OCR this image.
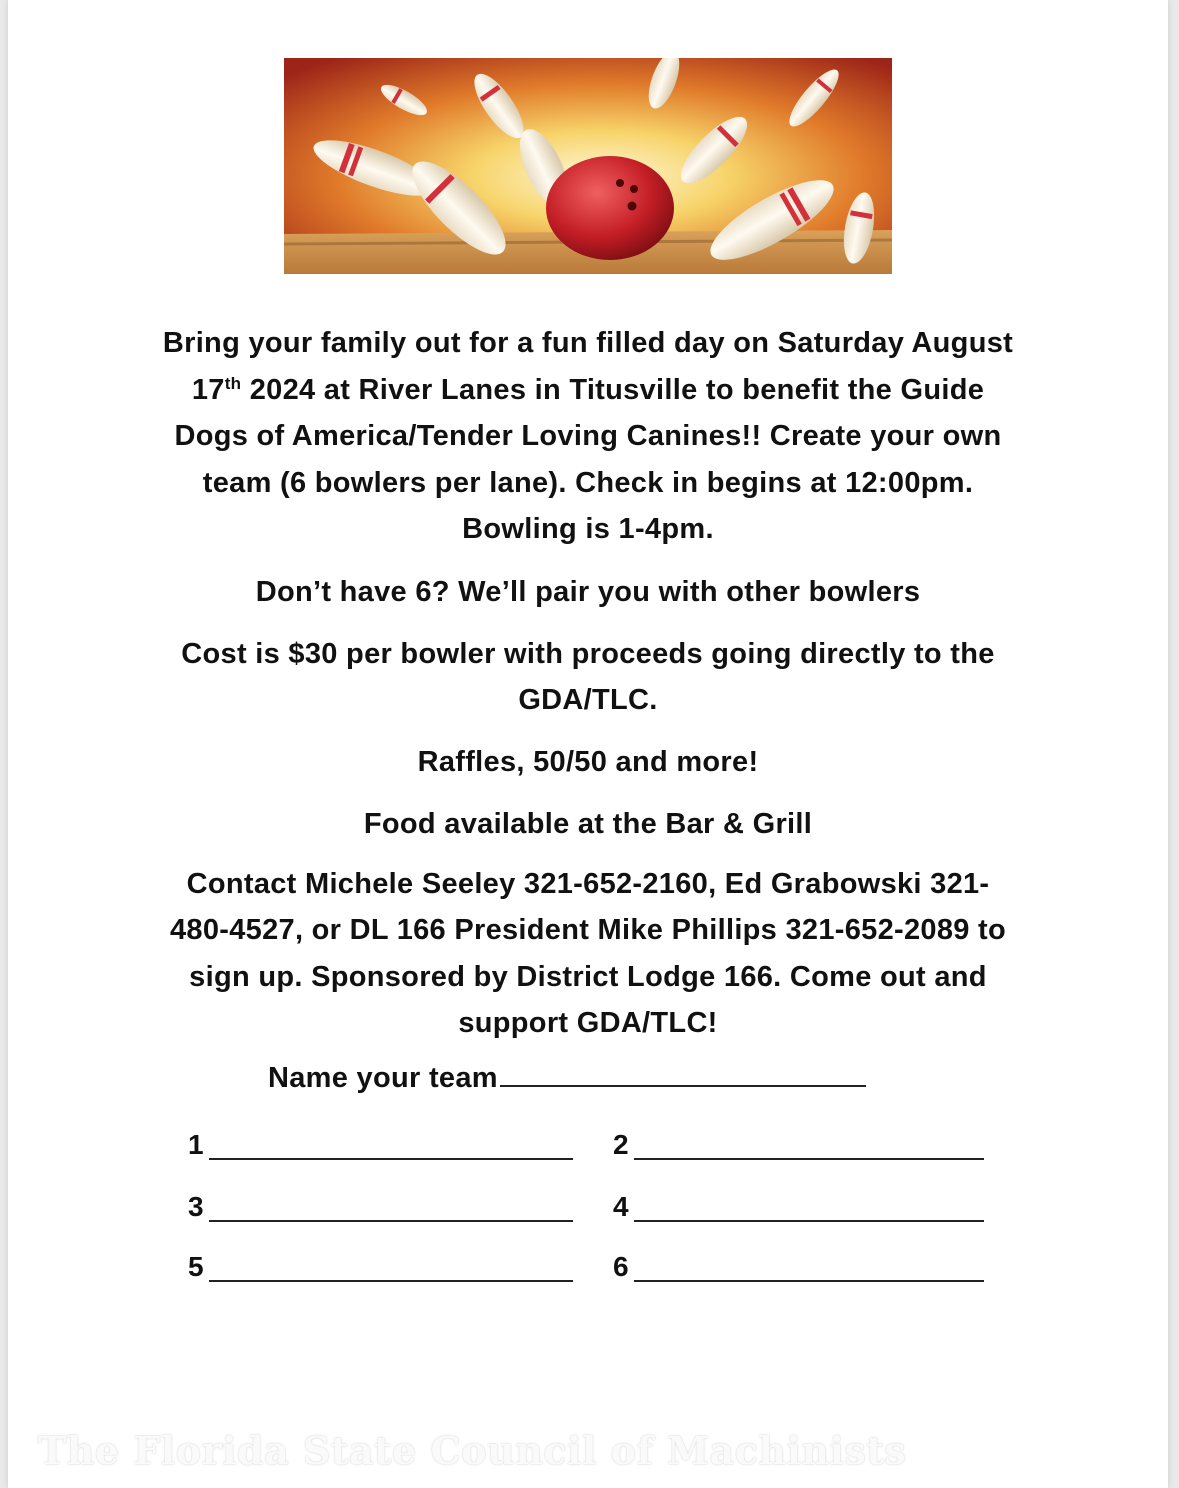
Bring your family out for a fun filled day on Saturday August
17th 2024 at River Lanes in Titusville to benefit the Guide
Dogs of America/Tender Loving Canines!! Create your own
team (6 bowlers per lane). Check in begins at 12:00pm.
Bowling is 1-4pm.

Don’t have 6? We’ll pair you with other bowlers

Cost is $30 per bowler with proceeds going directly to the
GDA/TLC.

Raffles, 50/50 and more!

Food available at the Bar & Grill

Contact Michele Seeley 321-652-2160, Ed Grabowski 321-
480-4527, or DL 166 President Mike Phillips 321-652-2089 to
sign up. Sponsored by District Lodge 166. Come out and
support GDA/TLC!

Name your team
1	2
3	4
5	6
The Florida State Council of Machinists
